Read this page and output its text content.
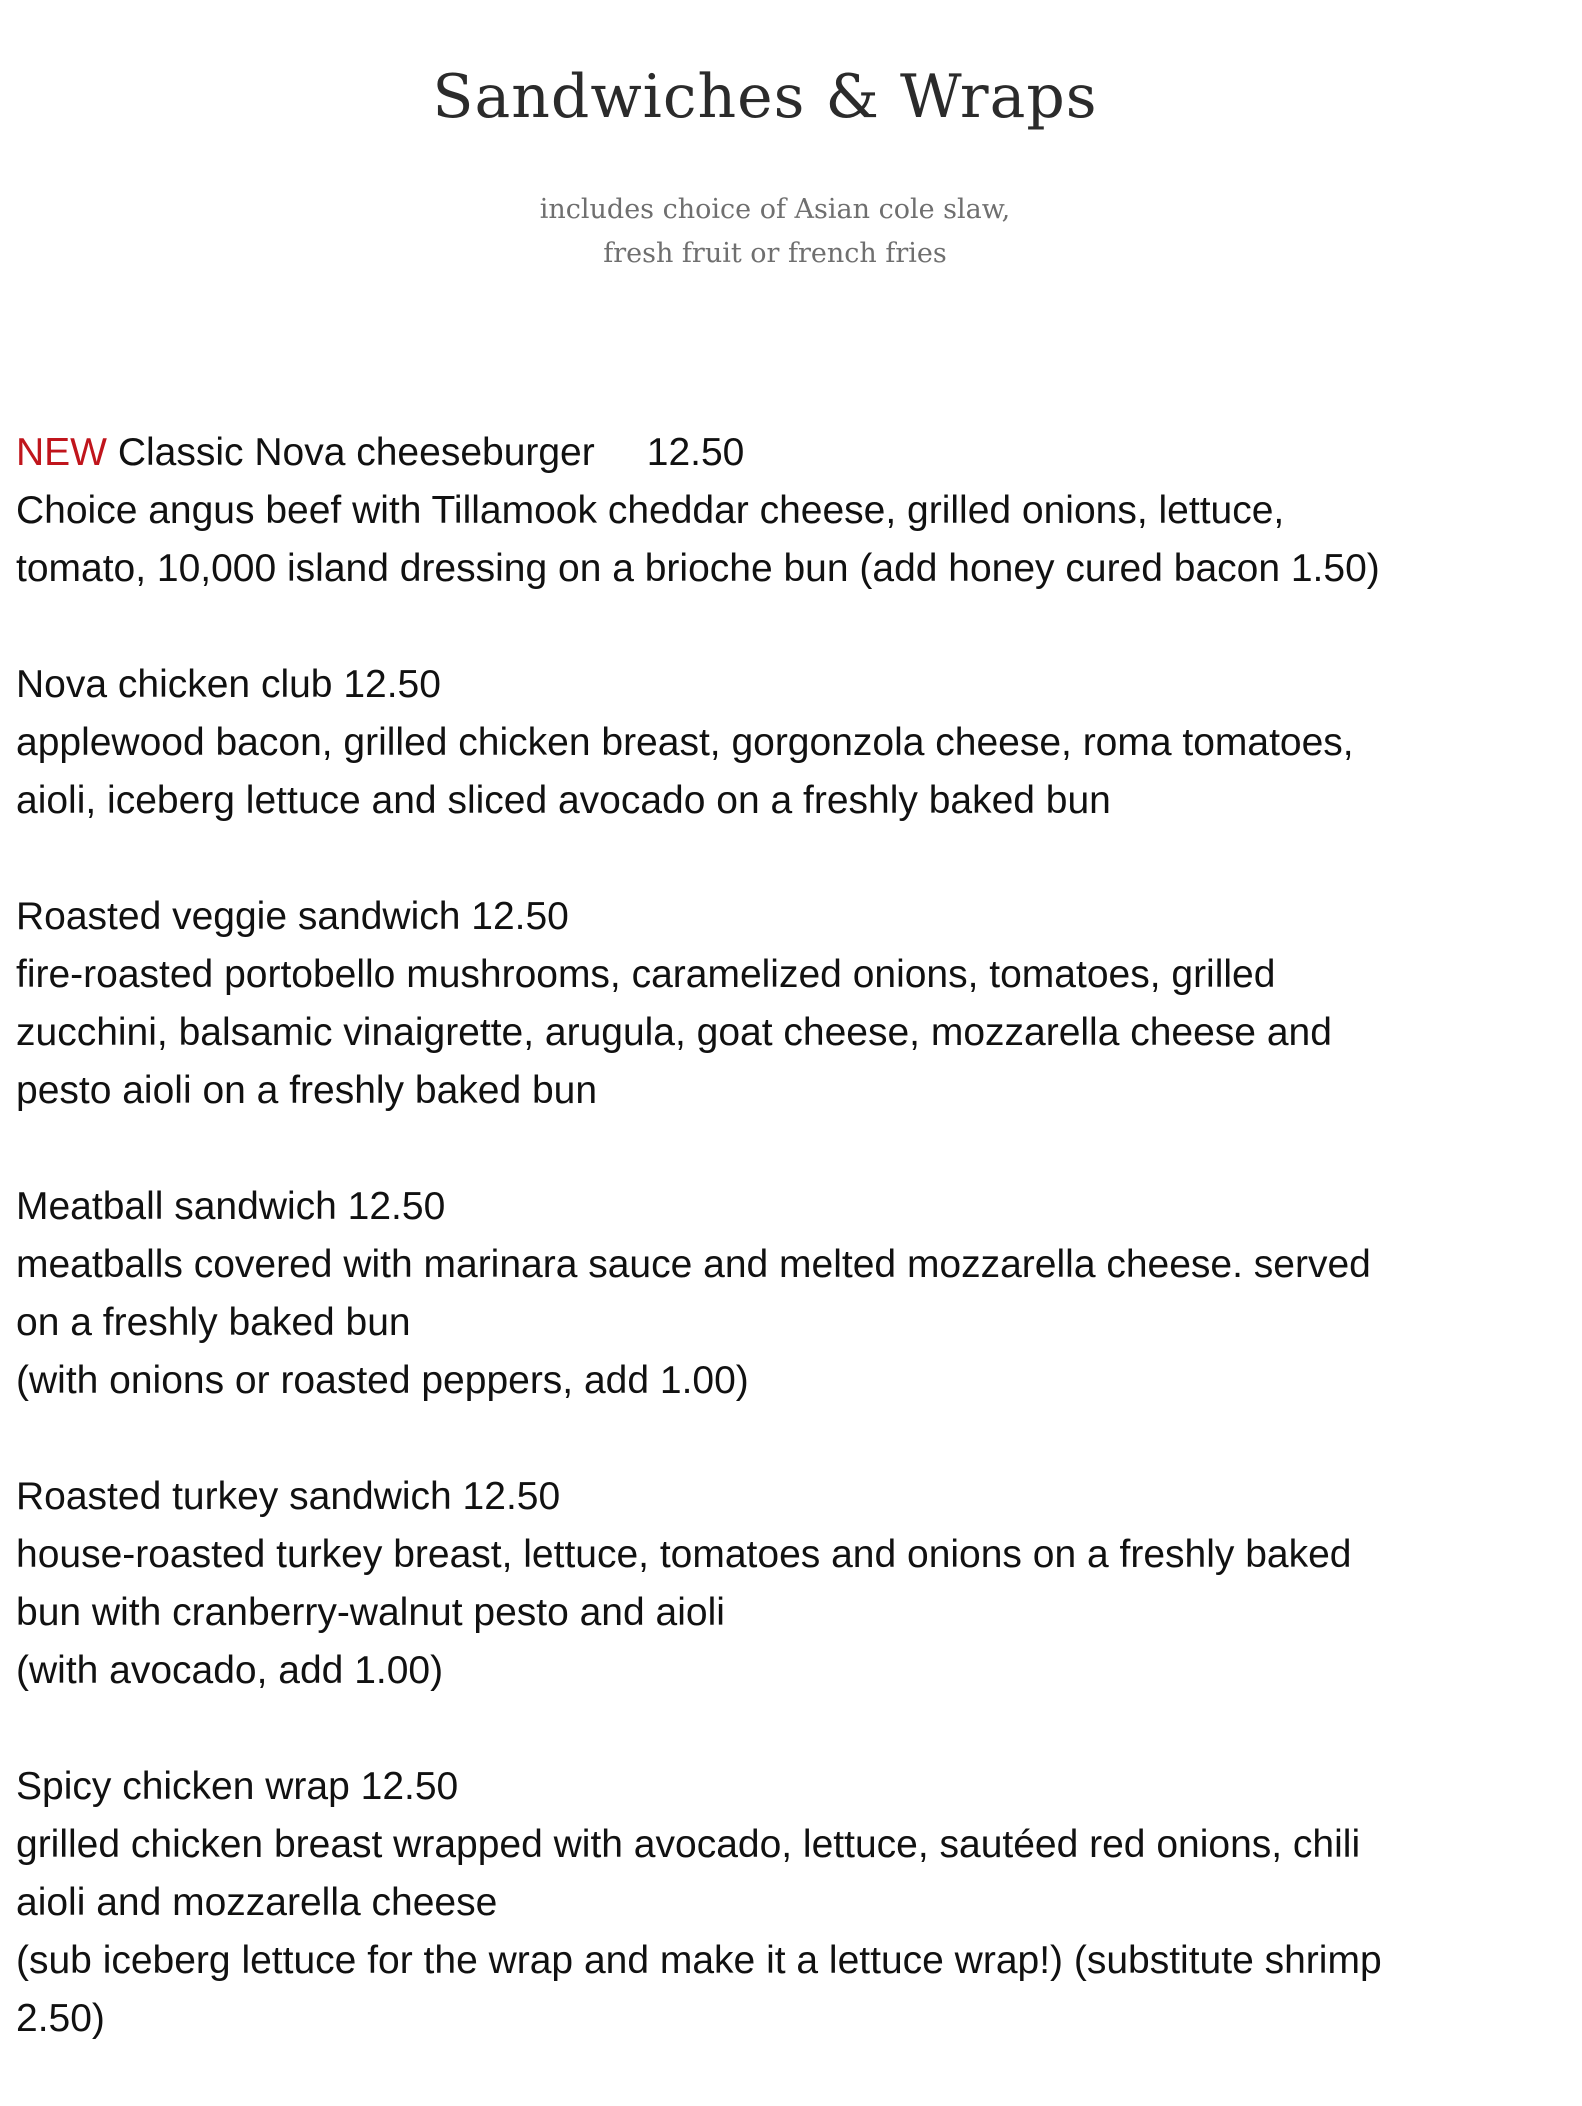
Sandwiches & Wraps
includes choice of Asian cole slaw,
fresh fruit or french fries
NEW Classic Nova cheeseburger 12.50
Choice angus beef with Tillamook cheddar cheese, grilled onions, lettuce,
tomato, 10,000 island dressing on a brioche bun (add honey cured bacon 1.50)
Nova chicken club 12.50
applewood bacon, grilled chicken breast, gorgonzola cheese, roma tomatoes,
aioli, iceberg lettuce and sliced avocado on a freshly baked bun
Roasted veggie sandwich 12.50
fire-roasted portobello mushrooms, caramelized onions, tomatoes, grilled
zucchini, balsamic vinaigrette, arugula, goat cheese, mozzarella cheese and
pesto aioli on a freshly baked bun
Meatball sandwich 12.50
meatballs covered with marinara sauce and melted mozzarella cheese. served
on a freshly baked bun
(with onions or roasted peppers, add 1.00)
Roasted turkey sandwich 12.50
house-roasted turkey breast, lettuce, tomatoes and onions on a freshly baked
bun with cranberry-walnut pesto and aioli
(with avocado, add 1.00)
Spicy chicken wrap 12.50
grilled chicken breast wrapped with avocado, lettuce, sautéed red onions, chili
aioli and mozzarella cheese
(sub iceberg lettuce for the wrap and make it a lettuce wrap!) (substitute shrimp
2.50)
